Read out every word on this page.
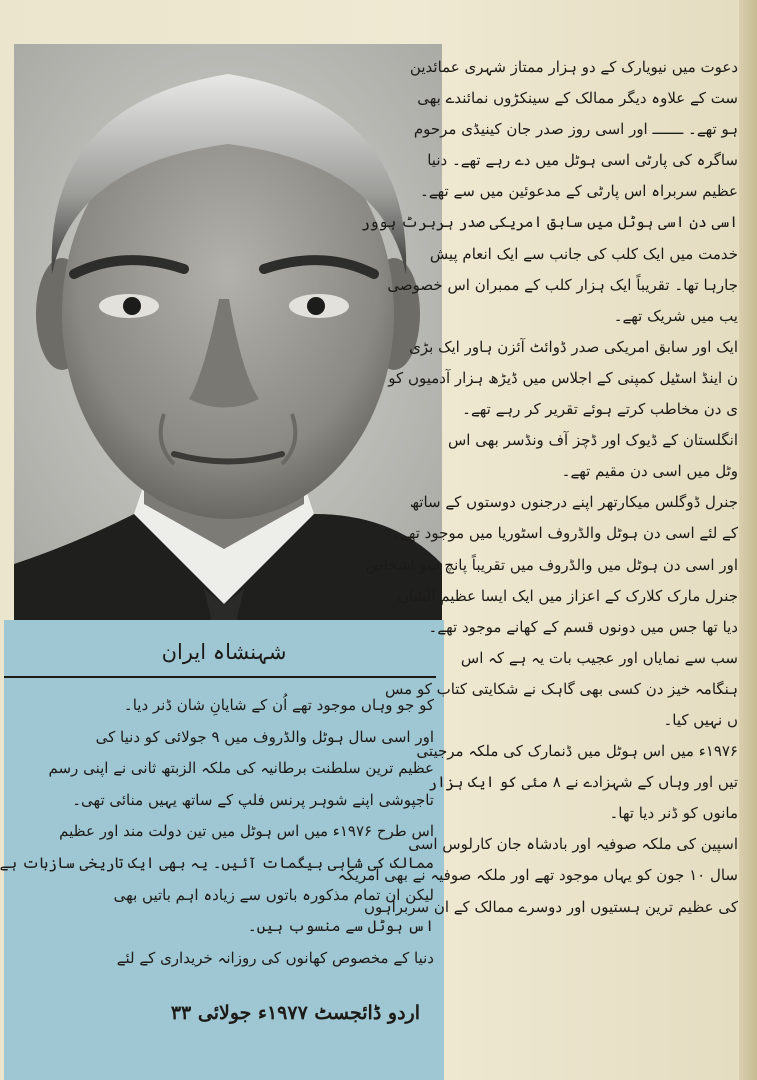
شہنشاہ ایران
کو جو وہاں موجود تھے اُن کے شایانِ شان ڈنر دیا۔
اور اسی سال ہوٹل والڈروف میں ۹ جولائی کو دنیا کی
عظیم ترین سلطنت برطانیہ کی ملکہ الزبتھ ثانی نے اپنی رسم
تاجپوشی اپنے شوہر پرنس فلپ کے ساتھ یہیں منائی تھی۔
اس طرح ۱۹۷۶ء میں اس ہوٹل میں تین دولت مند اور عظیم
ممالک کی شاہی بیگمات آئیں۔ یہ بھی ایک تاریخی سازبات ہے
لیکن ان تمام مذکورہ باتوں سے زیادہ اہم باتیں بھی
اس ہوٹل سے منسوب ہیں۔
دنیا کے مخصوص کھانوں کی روزانہ خریداری کے لئے
اردو ڈائجسٹ ۱۹۷۷ء جولائی ۳۳
دعوت میں نیویارک کے دو ہزار ممتاز شہری عمائدین
ست کے علاوہ دیگر ممالک کے سینکڑوں نمائندے بھی
ہو تھے۔ ـــــــ اور اسی روز صدر جان کینیڈی مرحوم
ساگرہ کی پارٹی اسی ہوٹل میں دے رہے تھے۔ دنیا
عظیم سربراہ اس پارٹی کے مدعوئین میں سے تھے۔
اسی دن اسی ہوٹل میں سابق امریکی صدر ہربرٹ ہوور
خدمت میں ایک کلب کی جانب سے ایک انعام پیش
جارہا تھا۔ تقریباً ایک ہزار کلب کے ممبران اس خصوصی
یب میں شریک تھے۔
ایک اور سابق امریکی صدر ڈوائٹ آئزن ہاور ایک بڑی
ن اینڈ اسٹیل کمپنی کے اجلاس میں ڈیڑھ ہزار آدمیوں کو
ی دن مخاطب کرتے ہوئے تقریر کر رہے تھے۔
انگلستان کے ڈیوک اور ڈچز آف ونڈسر بھی اس
وٹل میں اسی دن مقیم تھے۔
جنرل ڈوگلس میکارتھر اپنے درجنوں دوستوں کے ساتھ
کے لئے اسی دن ہوٹل والڈروف اسٹوریا میں موجود تھے۔
اور اسی دن ہوٹل میں والڈروف میں تقریباً پانچ سو اشخاص
جنرل مارک کلارک کے اعزاز میں ایک ایسا عظیم الشان
دیا تھا جس میں دونوں قسم کے کھانے موجود تھے۔
سب سے نمایاں اور عجیب بات یہ ہے کہ اس
ہنگامہ خیز دن کسی بھی گاہک نے شکایتی کتاب کو مس
ں نہیں کیا۔
۱۹۷۶ء میں اس ہوٹل میں ڈنمارک کی ملکہ مرجیتی
تیں اور وہاں کے شہزادے نے ۸ مئی کو ایک ہزار
مانوں کو ڈنر دیا تھا۔
اسپین کی ملکہ صوفیہ اور بادشاہ جان کارلوس اسی
سال ۱۰ جون کو یہاں موجود تھے اور ملکہ صوفیہ نے بھی امریکہ
کی عظیم ترین ہستیوں اور دوسرے ممالک کے ان سربراہوں
